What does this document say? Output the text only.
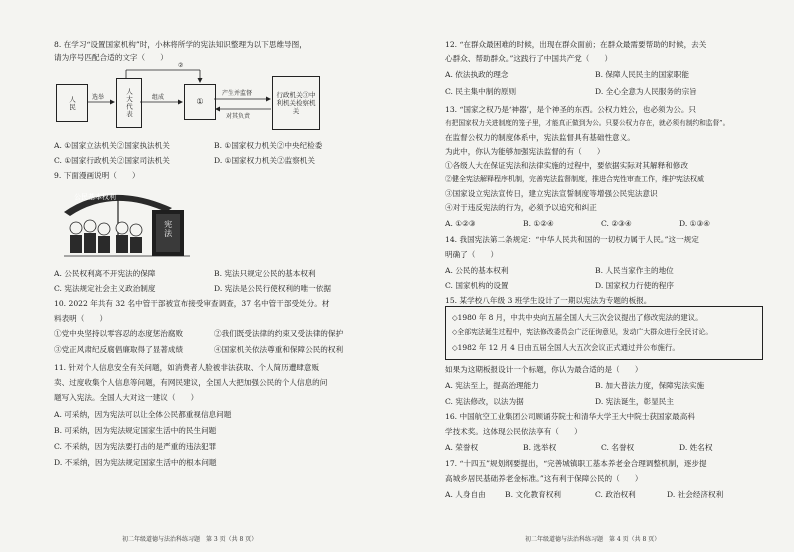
8. 在学习“设置国家机构”时，小林将所学的宪法知识整理为以下思维导图，
请为序号匹配合适的文字（　　）
人民	选举	人大代表	组成	①
②
产生并监督
对其负责
行政机关③中利机关检察机关
A. ①国家立法机关②国家执法机关	B. ①国家权力机关②中央纪检委
C. ①国家行政机关②国家司法机关	D. ①国家权力机关②监察机关
9. 下面漫画说明（　　）
公民基本权利
宪法
A. 公民权利离不开宪法的保障	B. 宪法只规定公民的基本权利
C. 宪法规定社会主义政治制度	D. 宪法是公民行使权利的唯一依据
10. 2022 年共有 32 名中管干部被宣布接受审查调查，37 名中管干部受处分。材
料表明（　　）
①党中央坚持以零容忍的态度惩治腐败	②我们既受法律的约束又受法律的保护
③党正风肃纪反腐倡廉取得了显著成绩	④国家机关依法尊重和保障公民的权利
11. 针对个人信息安全有关问题，如消费者人脸被非法获取、个人简历遭肆意贩
卖、过度收集个人信息等问题，有网民建议，全国人大把加强公民的个人信息的问
题写入宪法。全国人大对这一建议（　　）
A. 可采纳，因为宪法可以让全体公民都重视信息问题
B. 可采纳，因为宪法规定国家生活中的民生问题
C. 不采纳，因为宪法要打击的是严重的违法犯罪
D. 不采纳，因为宪法规定国家生活中的根本问题
初二年级道德与法治科练习题　第 3 页（共 8 页）
12. “在群众最困难的时候，出现在群众面前；在群众最需要帮助的时候，去关
心群众、帮助群众。”这践行了中国共产党（　　）
A. 依法执政的理念	B. 保障人民民主的国家职能
C. 民主集中制的原则	D. 全心全意为人民服务的宗旨
13. “国家之权乃是‘神器’，是个神圣的东西。公权力姓公，也必须为公。只
有把国家权力关进制度的笼子里，才能真正做到为公。只要公权力存在，就必须有制约和监督”。
在监督公权力的制度体系中，宪法监督具有基础性意义。
为此中，你认为能够加强宪法监督的有（　　）
①各级人大在保证宪法和法律实施的过程中，要依据实际对其解释和修改
②健全宪法解释程序机制，完善宪法监督制度，推进合宪性审查工作，维护宪法权威
③国家设立宪法宣传日，建立宪法宣誓制度等增强公民宪法意识
④对于违反宪法的行为，必须予以追究和纠正
A. ①②③	B. ①②④	C. ②③④	D. ①③④
14. 我国宪法第二条规定：“中华人民共和国的一切权力属于人民。”这一规定
明确了（　　）
A. 公民的基本权利	B. 人民当家作主的地位
C. 国家机构的设置	D. 国家权力行使的程序
15. 某学校八年级 3 班学生设计了一期以宪法为专题的板报。
◇1980 年 8 月，中共中央向五届全国人大三次会议提出了修改宪法的建议。
◇全部宪法诞生过程中，宪法修改委员会广泛征询意见，发动广大群众进行全民讨论。
◇1982 年 12 月 4 日由五届全国人大五次会议正式通过并公布施行。
如果为这期板报设计一个标题，你认为最合适的是（　　）
A. 宪法至上，提高治理能力	B. 加大普法力度，保障宪法实施
C. 宪法修改，以法为据	D. 宪法诞生，彰显民主
16. 中国航空工业集团公司顾诵芬院士和清华大学王大中院士获国家最高科
学技术奖。这体现公民依法享有（　　）
A. 荣誉权	B. 选举权	C. 名誉权	D. 姓名权
17. “十四五”规划纲要提出，“完善城镇职工基本养老金合理调整机制，逐步提
高城乡居民基础养老金标准。”这有利于保障公民的（　　）
A. 人身自由	B. 文化教育权利	C. 政治权利	D. 社会经济权利
初二年级道德与法治科练习题　第 4 页（共 8 页）
